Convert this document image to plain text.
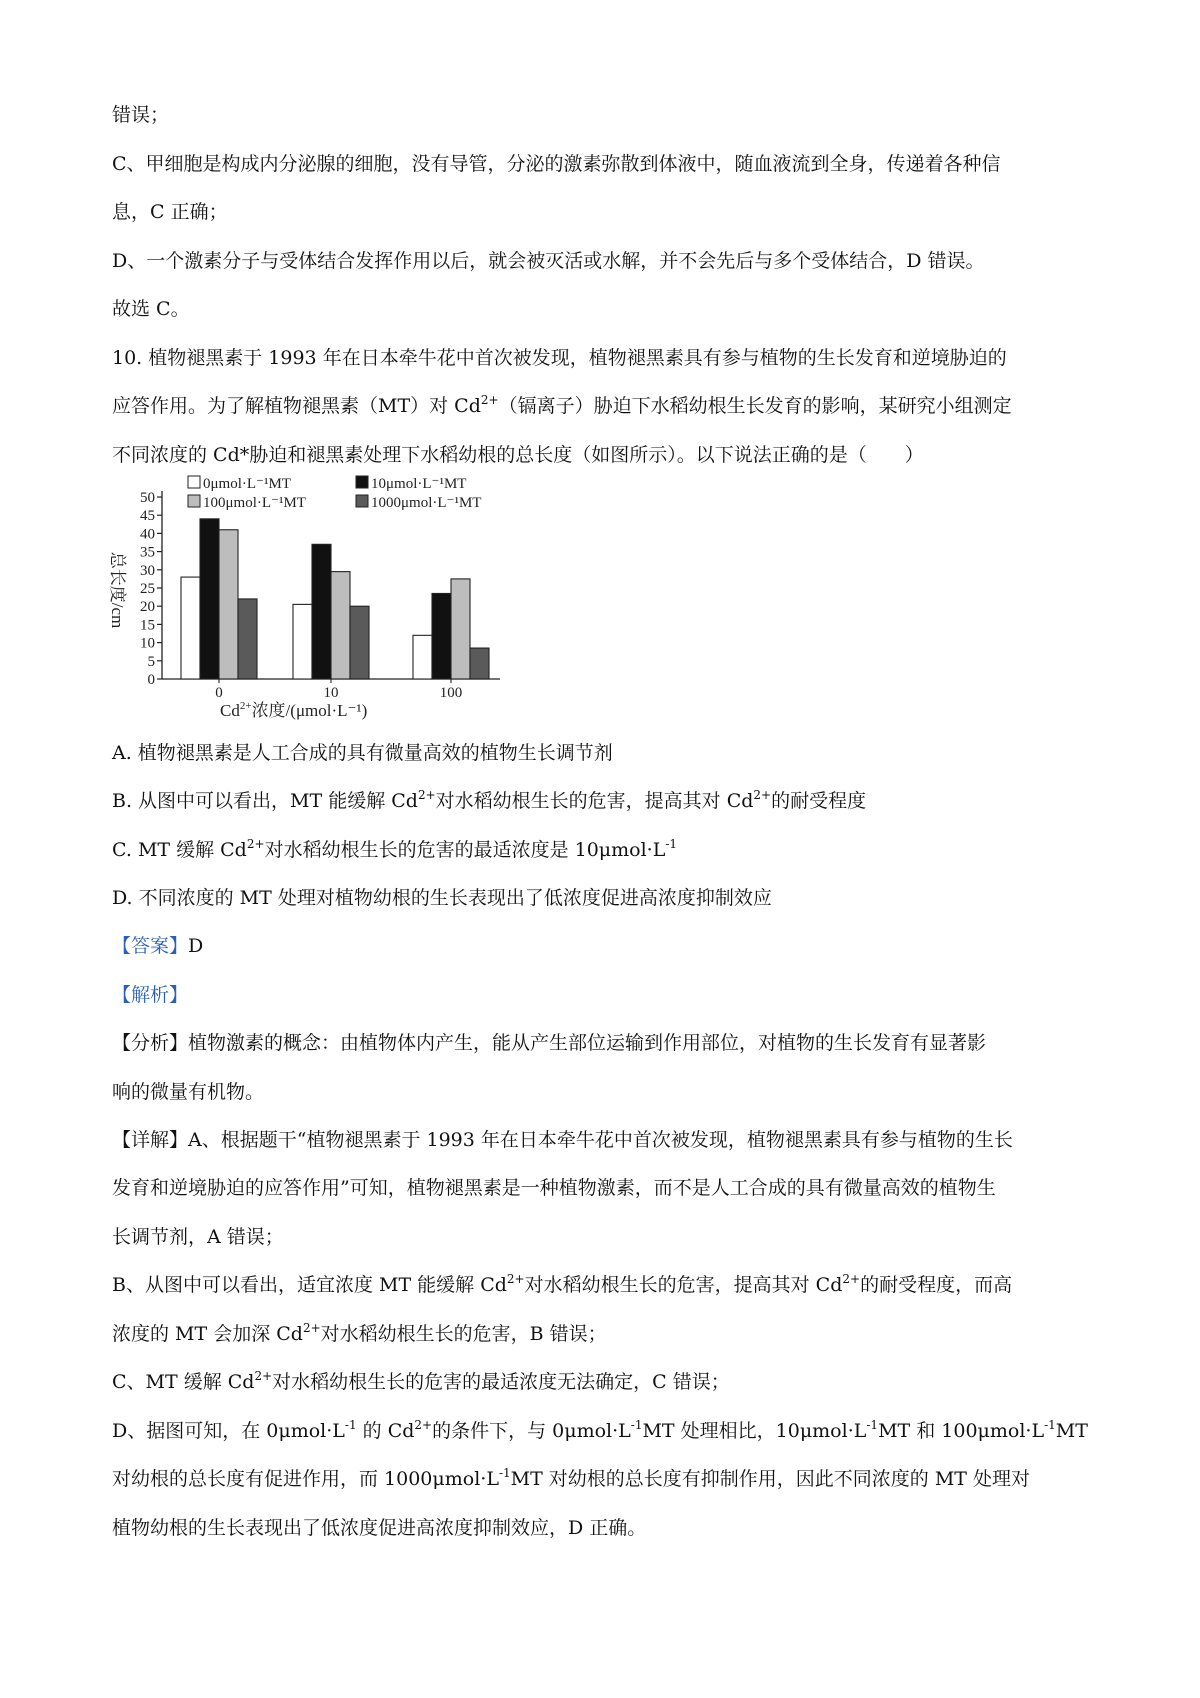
错误；
C、甲细胞是构成内分泌腺的细胞，没有导管，分泌的激素弥散到体液中，随血液流到全身，传递着各种信
息，C 正确；
D、一个激素分子与受体结合发挥作用以后，就会被灭活或水解，并不会先后与多个受体结合，D 错误。
故选 C。
10. 植物褪黑素于 1993 年在日本牵牛花中首次被发现，植物褪黑素具有参与植物的生长发育和逆境胁迫的
应答作用。为了解植物褪黑素（MT）对 $Cd^{2+}$（镉离子）胁迫下水稻幼根生长发育的影响，某研究小组测定
不同浓度的 Cd*胁迫和褪黑素处理下水稻幼根的总长度（如图所示）。以下说法正确的是（　　）
0μmol·L⁻¹MT	10μmol·L⁻¹MT
100μmol·L⁻¹MT	1000μmol·L⁻¹MT
0
5
10
15
20
25
30
35
40
45
50
0	10	100
总长度/cm
$Cd^{2+}$浓度/(μmol·L⁻¹)
A. 植物褪黑素是人工合成的具有微量高效的植物生长调节剂
B. 从图中可以看出，MT 能缓解 $Cd^{2+}$对水稻幼根生长的危害，提高其对 $Cd^{2+}$的耐受程度
C. MT 缓解 $Cd^{2+}$对水稻幼根生长的危害的最适浓度是 $10\mu mol\cdot L^{-1}$
D. 不同浓度的 MT 处理对植物幼根的生长表现出了低浓度促进高浓度抑制效应
【答案】D
【解析】
【分析】植物激素的概念：由植物体内产生，能从产生部位运输到作用部位，对植物的生长发育有显著影
响的微量有机物。
【详解】A、根据题干“植物褪黑素于 1993 年在日本牵牛花中首次被发现，植物褪黑素具有参与植物的生长
发育和逆境胁迫的应答作用”可知，植物褪黑素是一种植物激素，而不是人工合成的具有微量高效的植物生
长调节剂，A 错误；
B、从图中可以看出，适宜浓度 MT 能缓解 $Cd^{2+}$对水稻幼根生长的危害，提高其对 $Cd^{2+}$的耐受程度，而高
浓度的 MT 会加深 $Cd^{2+}$对水稻幼根生长的危害，B 错误；
C、MT 缓解 $Cd^{2+}$对水稻幼根生长的危害的最适浓度无法确定，C 错误；
D、据图可知，在 $0\mu mol\cdot L^{-1}$ 的 $Cd^{2+}$的条件下，与 $0\mu mol\cdot L^{-1}MT$ 处理相比，$10\mu mol\cdot L^{-1}MT$ 和 $100\mu mol\cdot L^{-1}MT$
对幼根的总长度有促进作用，而 $1000\mu mol\cdot L^{-1}MT$ 对幼根的总长度有抑制作用，因此不同浓度的 MT 处理对
植物幼根的生长表现出了低浓度促进高浓度抑制效应，D 正确。
